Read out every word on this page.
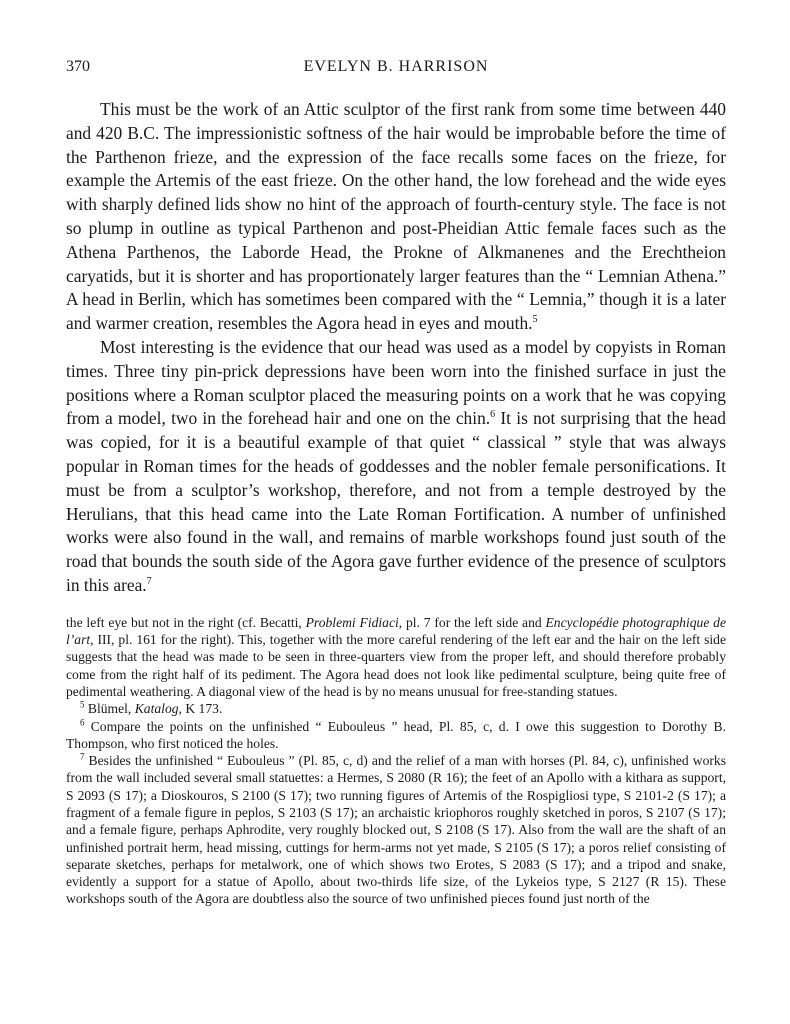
370	EVELYN B. HARRISON

This must be the work of an Attic sculptor of the first rank from some time between 440 and 420 B.C. The impressionistic softness of the hair would be improbable before the time of the Parthenon frieze, and the expression of the face recalls some faces on the frieze, for example the Artemis of the east frieze. On the other hand, the low forehead and the wide eyes with sharply defined lids show no hint of the approach of fourth-century style. The face is not so plump in outline as typical Parthenon and post-Pheidian Attic female faces such as the Athena Parthenos, the Laborde Head, the Prokne of Alkmanenes and the Erechtheion caryatids, but it is shorter and has proportionately larger features than the “ Lemnian Athena.” A head in Berlin, which has sometimes been compared with the “ Lemnia,” though it is a later and warmer creation, resembles the Agora head in eyes and mouth.$^5$

Most interesting is the evidence that our head was used as a model by copyists in Roman times. Three tiny pin-prick depressions have been worn into the finished surface in just the positions where a Roman sculptor placed the measuring points on a work that he was copying from a model, two in the forehead hair and one on the chin.$^6$ It is not surprising that the head was copied, for it is a beautiful example of that quiet “ classical ” style that was always popular in Roman times for the heads of goddesses and the nobler female personifications. It must be from a sculptor’s workshop, therefore, and not from a temple destroyed by the Herulians, that this head came into the Late Roman Fortification. A number of unfinished works were also found in the wall, and remains of marble workshops found just south of the road that bounds the south side of the Agora gave further evidence of the presence of sculptors in this area.$^7$

the left eye but not in the right (cf. Becatti, Problemi Fidiaci, pl. 7 for the left side and Encyclopédie photographique de l’art, III, pl. 161 for the right). This, together with the more careful rendering of the left ear and the hair on the left side suggests that the head was made to be seen in three-quarters view from the proper left, and should therefore probably come from the right half of its pediment. The Agora head does not look like pedimental sculpture, being quite free of pedimental weathering. A diagonal view of the head is by no means unusual for free-standing statues.

$^5$ Blümel, Katalog, K 173.

$^6$ Compare the points on the unfinished “ Eubouleus ” head, Pl. 85, c, d. I owe this suggestion to Dorothy B. Thompson, who first noticed the holes.

$^7$ Besides the unfinished “ Eubouleus ” (Pl. 85, c, d) and the relief of a man with horses (Pl. 84, c), unfinished works from the wall included several small statuettes: a Hermes, S 2080 (R 16); the feet of an Apollo with a kithara as support, S 2093 (S 17); a Dioskouros, S 2100 (S 17); two running figures of Artemis of the Rospigliosi type, S 2101-2 (S 17); a fragment of a female figure in peplos, S 2103 (S 17); an archaistic kriophoros roughly sketched in poros, S 2107 (S 17); and a female figure, perhaps Aphrodite, very roughly blocked out, S 2108 (S 17). Also from the wall are the shaft of an unfinished portrait herm, head missing, cuttings for herm-arms not yet made, S 2105 (S 17); a poros relief consisting of separate sketches, perhaps for metalwork, one of which shows two Erotes, S 2083 (S 17); and a tripod and snake, evidently a support for a statue of Apollo, about two-thirds life size, of the Lykeios type, S 2127 (R 15). These workshops south of the Agora are doubtless also the source of two unfinished pieces found just north of the
